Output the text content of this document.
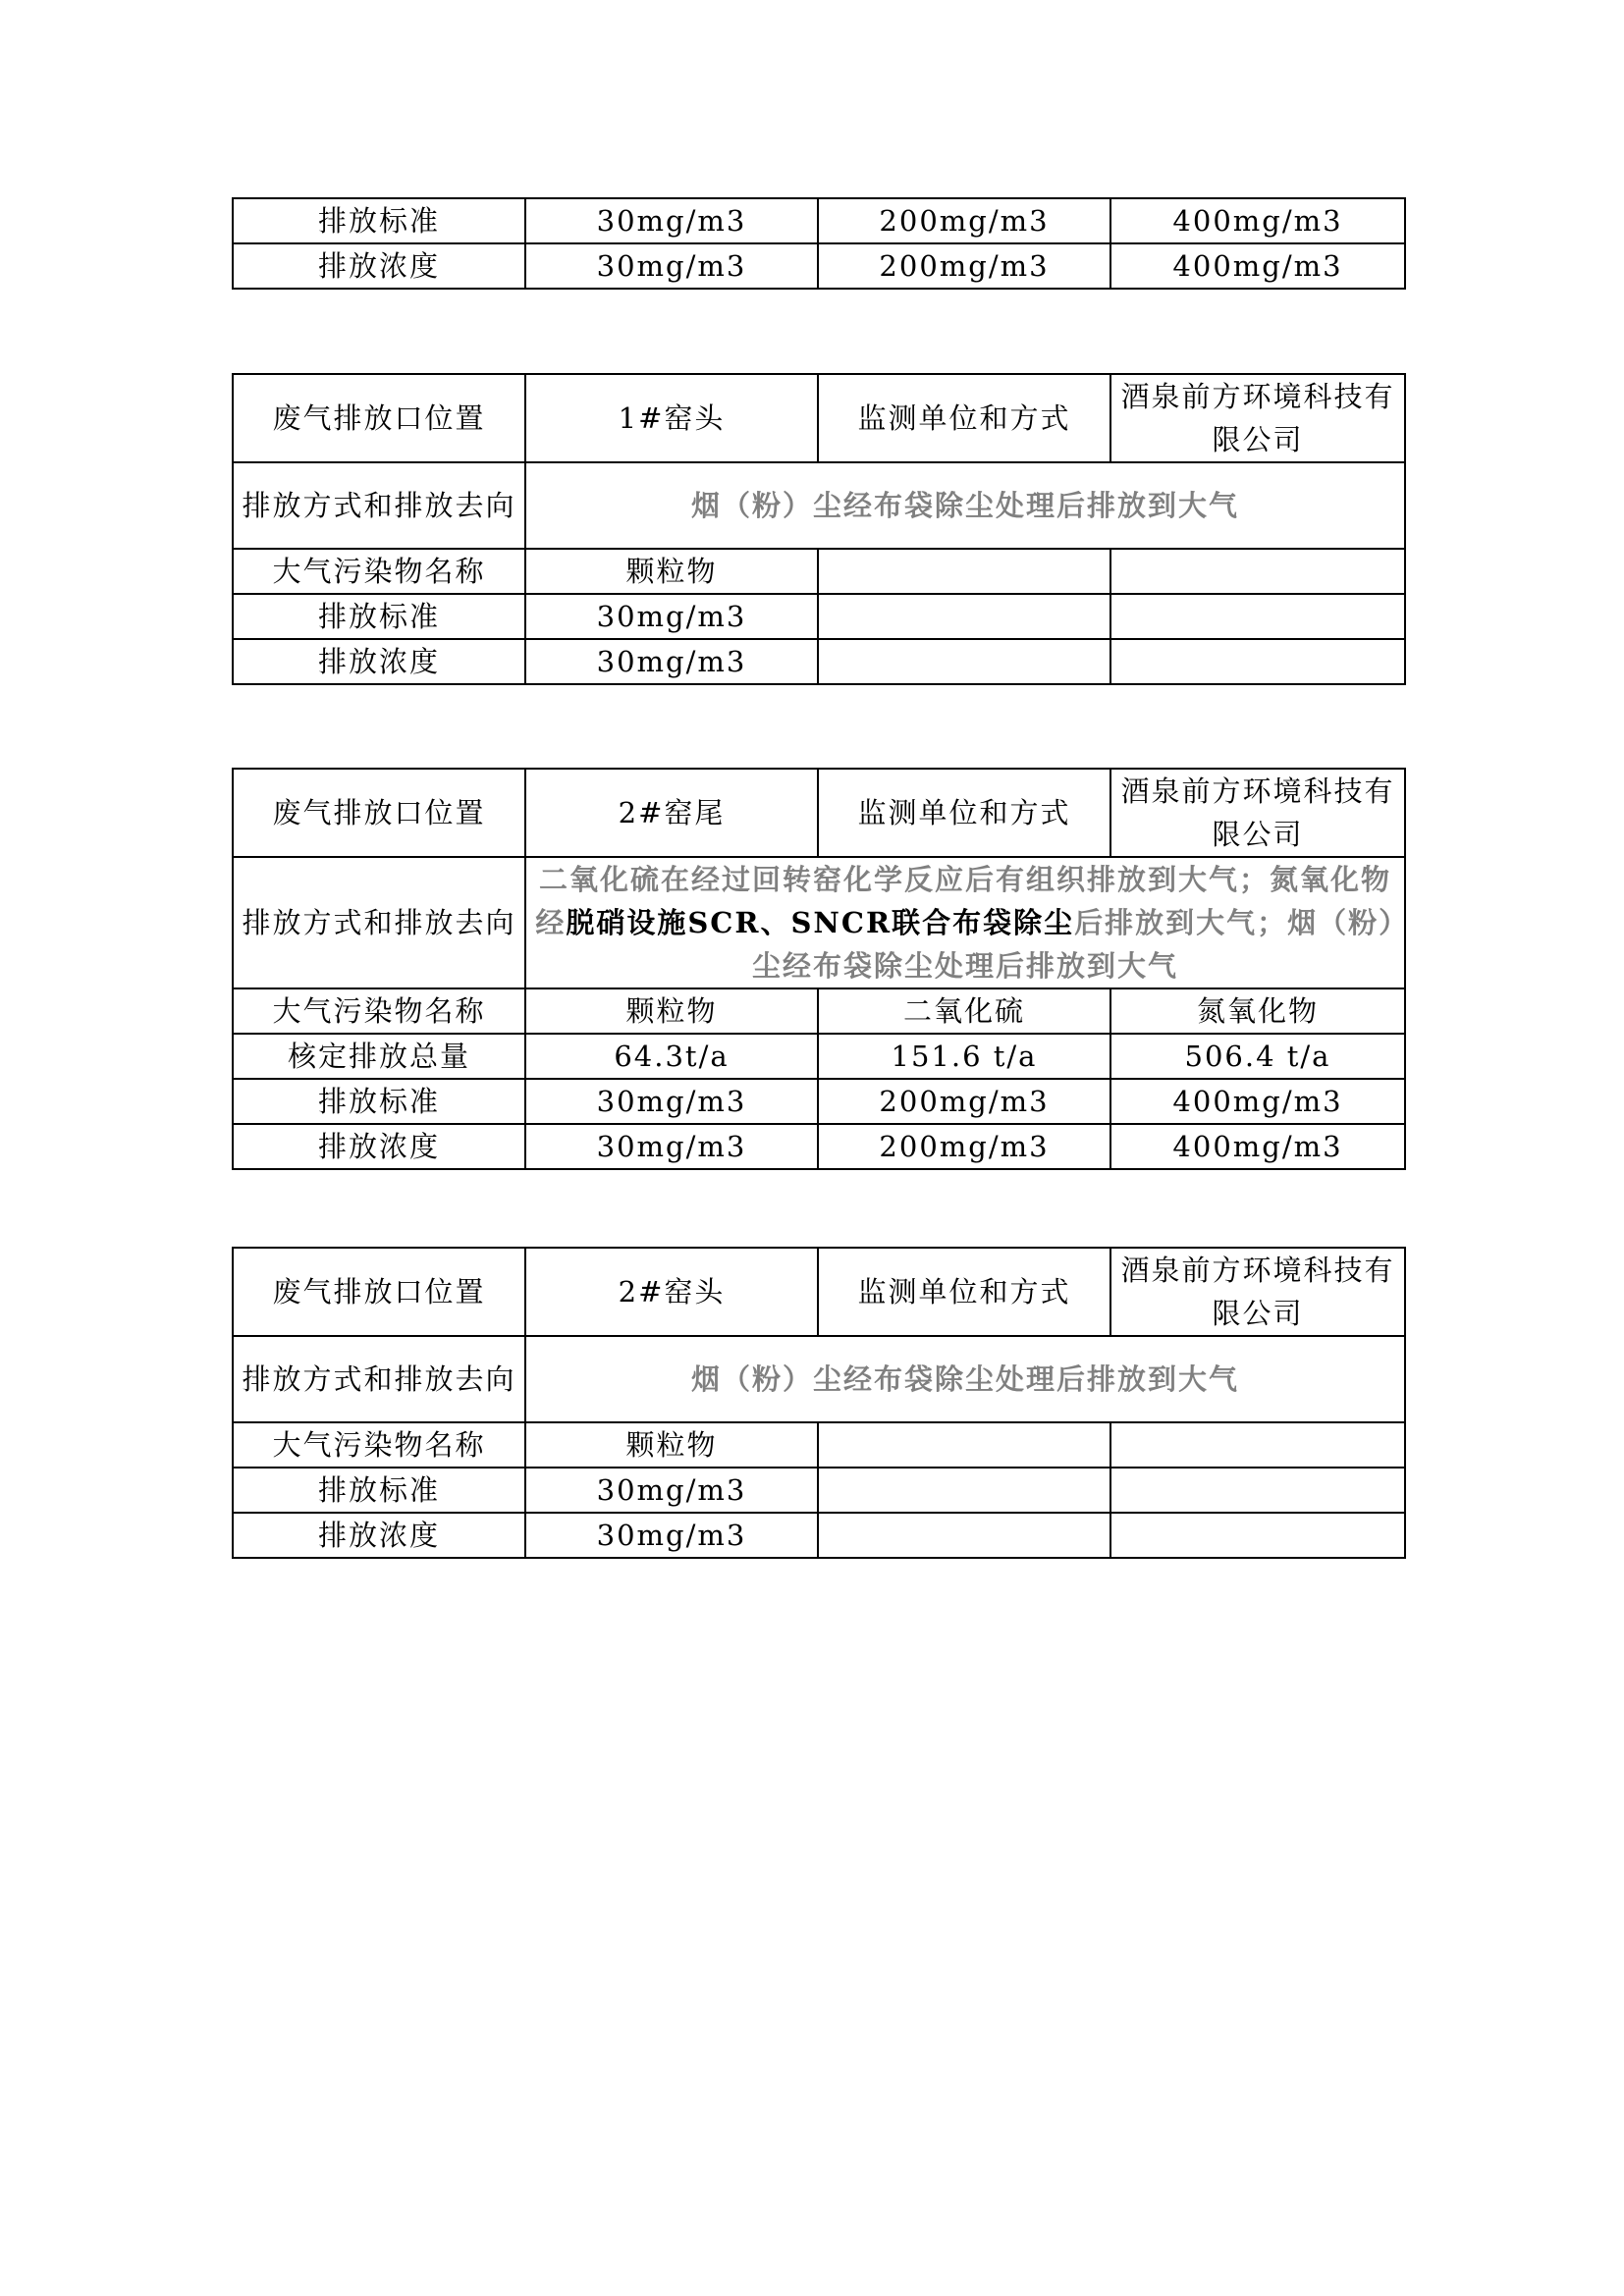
排放标准	30mg/m3	200mg/m3	400mg/m3
排放浓度	30mg/m3	200mg/m3	400mg/m3
废气排放口位置	1#窑头	监测单位和方式	酒泉前方环境科技有限公司
排放方式和排放去向	烟（粉）尘经布袋除尘处理后排放到大气		
大气污染物名称	颗粒物		
排放标准	30mg/m3		
排放浓度	30mg/m3		
废气排放口位置	2#窑尾	监测单位和方式	酒泉前方环境科技有限公司
排放方式和排放去向	二氧化硫在经过回转窑化学反应后有组织排放到大气；氮氧化物经脱硝设施SCR、SNCR联合布袋除尘后排放到大气；烟（粉）尘经布袋除尘处理后排放到大气		
大气污染物名称	颗粒物	二氧化硫	氮氧化物
核定排放总量	64.3t/a	151.6 t/a	506.4 t/a
排放标准	30mg/m3	200mg/m3	400mg/m3
排放浓度	30mg/m3	200mg/m3	400mg/m3
废气排放口位置	2#窑头	监测单位和方式	酒泉前方环境科技有限公司
排放方式和排放去向	烟（粉）尘经布袋除尘处理后排放到大气		
大气污染物名称	颗粒物		
排放标准	30mg/m3		
排放浓度	30mg/m3		
